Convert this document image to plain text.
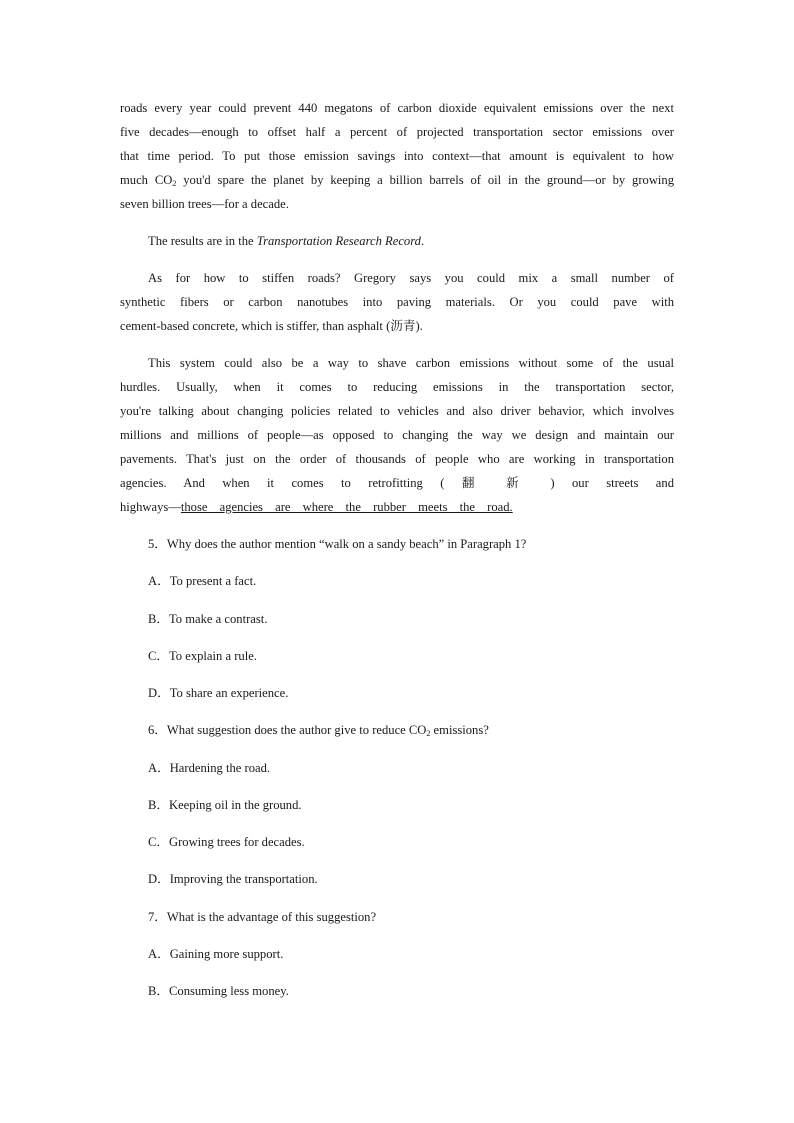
roads every year could prevent 440 megatons of carbon dioxide equivalent emissions over the next
five decades—enough to offset half a percent of projected transportation sector emissions over
that time period. To put those emission savings into context—that amount is equivalent to how
much $CO_2$ you'd spare the planet by keeping a billion barrels of oil in the ground—or by growing
seven billion trees—for a decade.
The results are in the Transportation Research Record.
As for how to stiffen roads? Gregory says you could mix a small number of
synthetic fibers or carbon nanotubes into paving materials. Or you could pave with
cement-based concrete, which is stiffer, than asphalt (沥青).
This system could also be a way to shave carbon emissions without some of the usual
hurdles. Usually, when it comes to reducing emissions in the transportation sector,
you're talking about changing policies related to vehicles and also driver behavior, which involves
millions and millions of people—as opposed to changing the way we design and maintain our
pavements. That's just on the order of thousands of people who are working in transportation
agencies. And when it comes to retrofitting ( 翻 新 ) our streets and
highways—those agencies are where the rubber meets the road.
5．Why does the author mention “walk on a sandy beach” in Paragraph 1?
A．To present a fact.
B．To make a contrast.
C．To explain a rule.
D．To share an experience.
6．What suggestion does the author give to reduce $CO_2$ emissions?
A．Hardening the road.
B．Keeping oil in the ground.
C．Growing trees for decades.
D．Improving the transportation.
7．What is the advantage of this suggestion?
A．Gaining more support.
B．Consuming less money.
